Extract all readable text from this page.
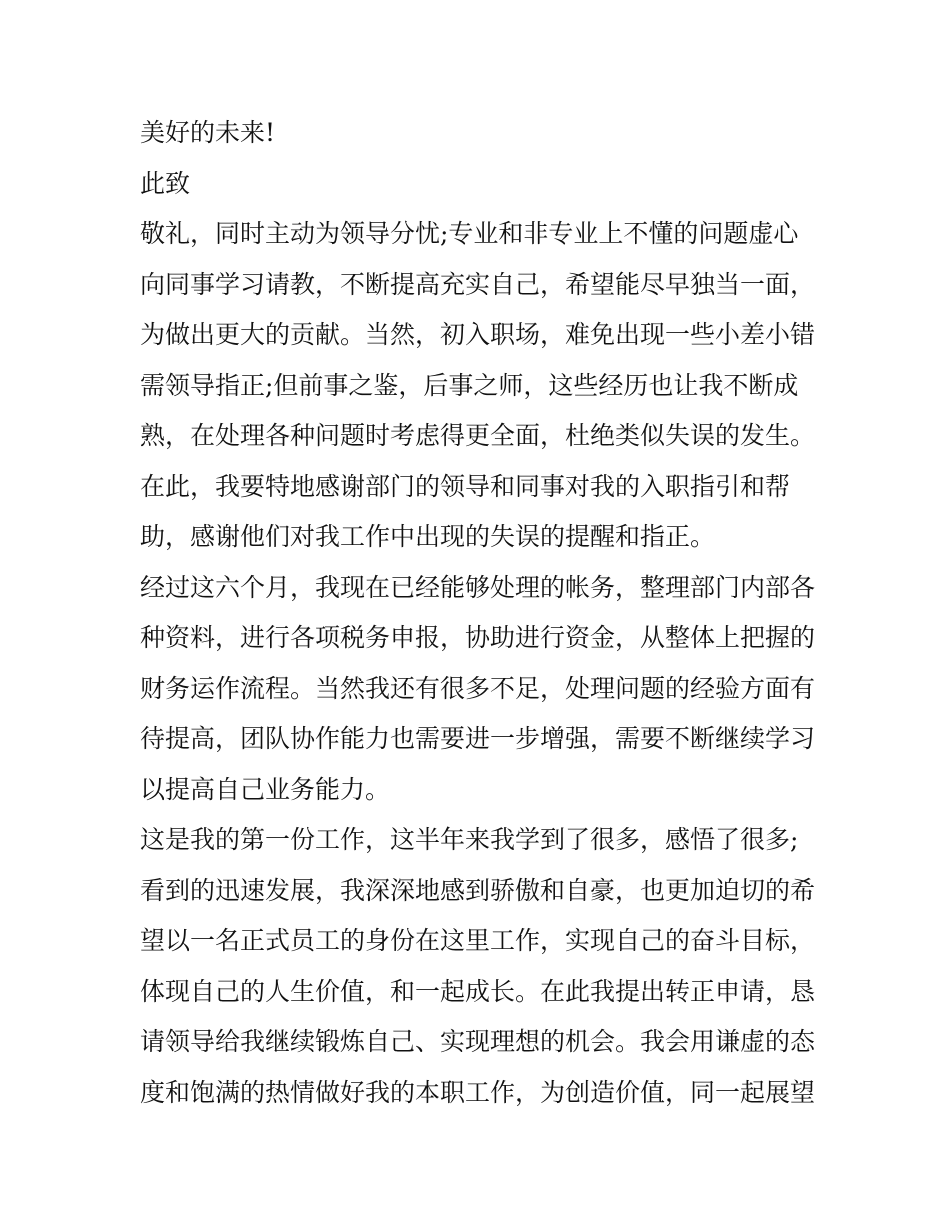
美好的未来!
此致
敬礼，同时主动为领导分忧;专业和非专业上不懂的问题虚心
向同事学习请教，不断提高充实自己，希望能尽早独当一面，
为做出更大的贡献。当然，初入职场，难免出现一些小差小错
需领导指正;但前事之鉴，后事之师，这些经历也让我不断成
熟，在处理各种问题时考虑得更全面，杜绝类似失误的发生。
在此，我要特地感谢部门的领导和同事对我的入职指引和帮
助，感谢他们对我工作中出现的失误的提醒和指正。
经过这六个月，我现在已经能够处理的帐务，整理部门内部各
种资料，进行各项税务申报，协助进行资金，从整体上把握的
财务运作流程。当然我还有很多不足，处理问题的经验方面有
待提高，团队协作能力也需要进一步增强，需要不断继续学习
以提高自己业务能力。
这是我的第一份工作，这半年来我学到了很多，感悟了很多;
看到的迅速发展，我深深地感到骄傲和自豪，也更加迫切的希
望以一名正式员工的身份在这里工作，实现自己的奋斗目标，
体现自己的人生价值，和一起成长。在此我提出转正申请，恳
请领导给我继续锻炼自己、实现理想的机会。我会用谦虚的态
度和饱满的热情做好我的本职工作，为创造价值，同一起展望
